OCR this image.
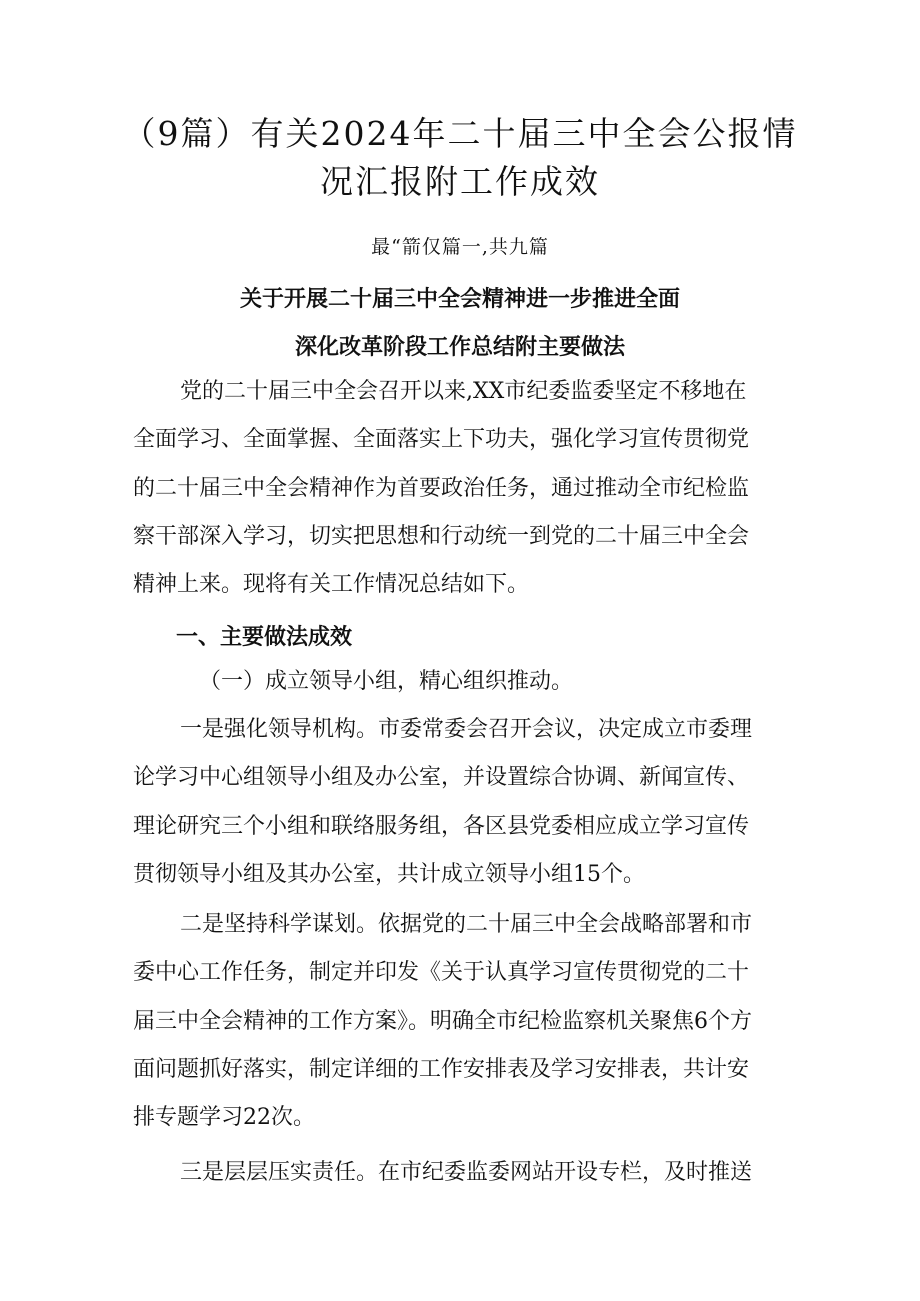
（9篇）有关2024年二十届三中全会公报情
况汇报附工作成效
最“箭仅篇一,共九篇
关于开展二十届三中全会精神进一步推进全面
深化改革阶段工作总结附主要做法
党的二十届三中全会召开以来,XX市纪委监委坚定不移地在
全面学习、全面掌握、全面落实上下功夫，强化学习宣传贯彻党
的二十届三中全会精神作为首要政治任务，通过推动全市纪检监
察干部深入学习，切实把思想和行动统一到党的二十届三中全会
精神上来。现将有关工作情况总结如下。
一、主要做法成效
（一）成立领导小组，精心组织推动。
一是强化领导机构。市委常委会召开会议，决定成立市委理
论学习中心组领导小组及办公室，并设置综合协调、新闻宣传、
理论研究三个小组和联络服务组，各区县党委相应成立学习宣传
贯彻领导小组及其办公室，共计成立领导小组15个。
二是坚持科学谋划。依据党的二十届三中全会战略部署和市
委中心工作任务，制定并印发《关于认真学习宣传贯彻党的二十
届三中全会精神的工作方案》。明确全市纪检监察机关聚焦6个方
面问题抓好落实，制定详细的工作安排表及学习安排表，共计安
排专题学习22次。
三是层层压实责任。在市纪委监委网站开设专栏，及时推送
